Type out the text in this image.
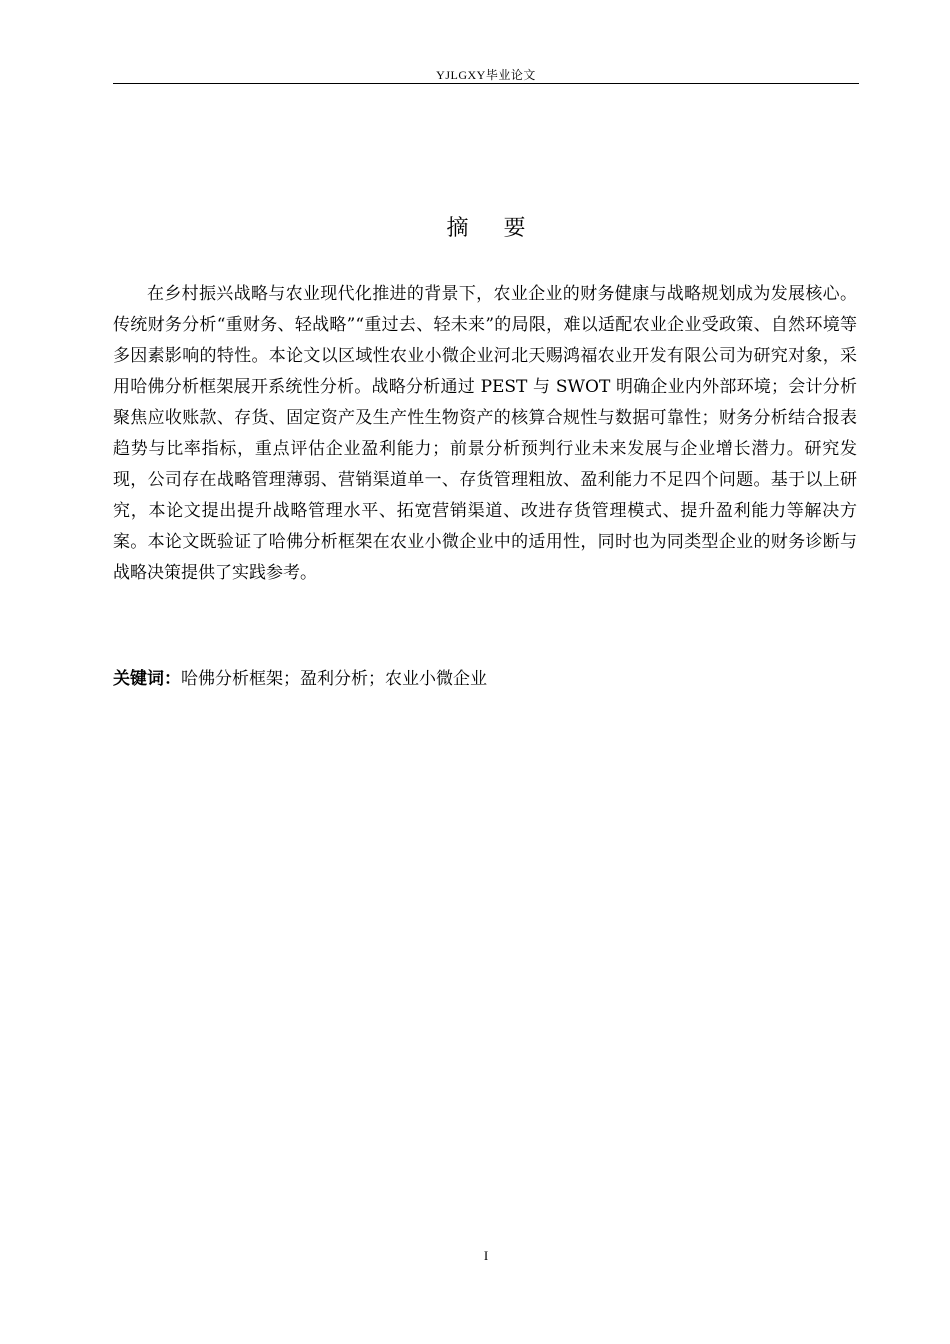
YJLGXY毕业论文
摘 要

在乡村振兴战略与农业现代化推进的背景下，农业企业的财务健康与战略规划成为发展核心。传统财务分析“重财务、轻战略”“重过去、轻未来”的局限，难以适配农业企业受政策、自然环境等多因素影响的特性。本论文以区域性农业小微企业河北天赐鸿福农业开发有限公司为研究对象，采用哈佛分析框架展开系统性分析。战略分析通过 PEST 与 SWOT 明确企业内外部环境；会计分析聚焦应收账款、存货、固定资产及生产性生物资产的核算合规性与数据可靠性；财务分析结合报表趋势与比率指标，重点评估企业盈利能力；前景分析预判行业未来发展与企业增长潜力。研究发现，公司存在战略管理薄弱、营销渠道单一、存货管理粗放、盈利能力不足四个问题。基于以上研究，本论文提出提升战略管理水平、拓宽营销渠道、改进存货管理模式、提升盈利能力等解决方案。本论文既验证了哈佛分析框架在农业小微企业中的适用性，同时也为同类型企业的财务诊断与战略决策提供了实践参考。

关键词：哈佛分析框架；盈利分析；农业小微企业
I
